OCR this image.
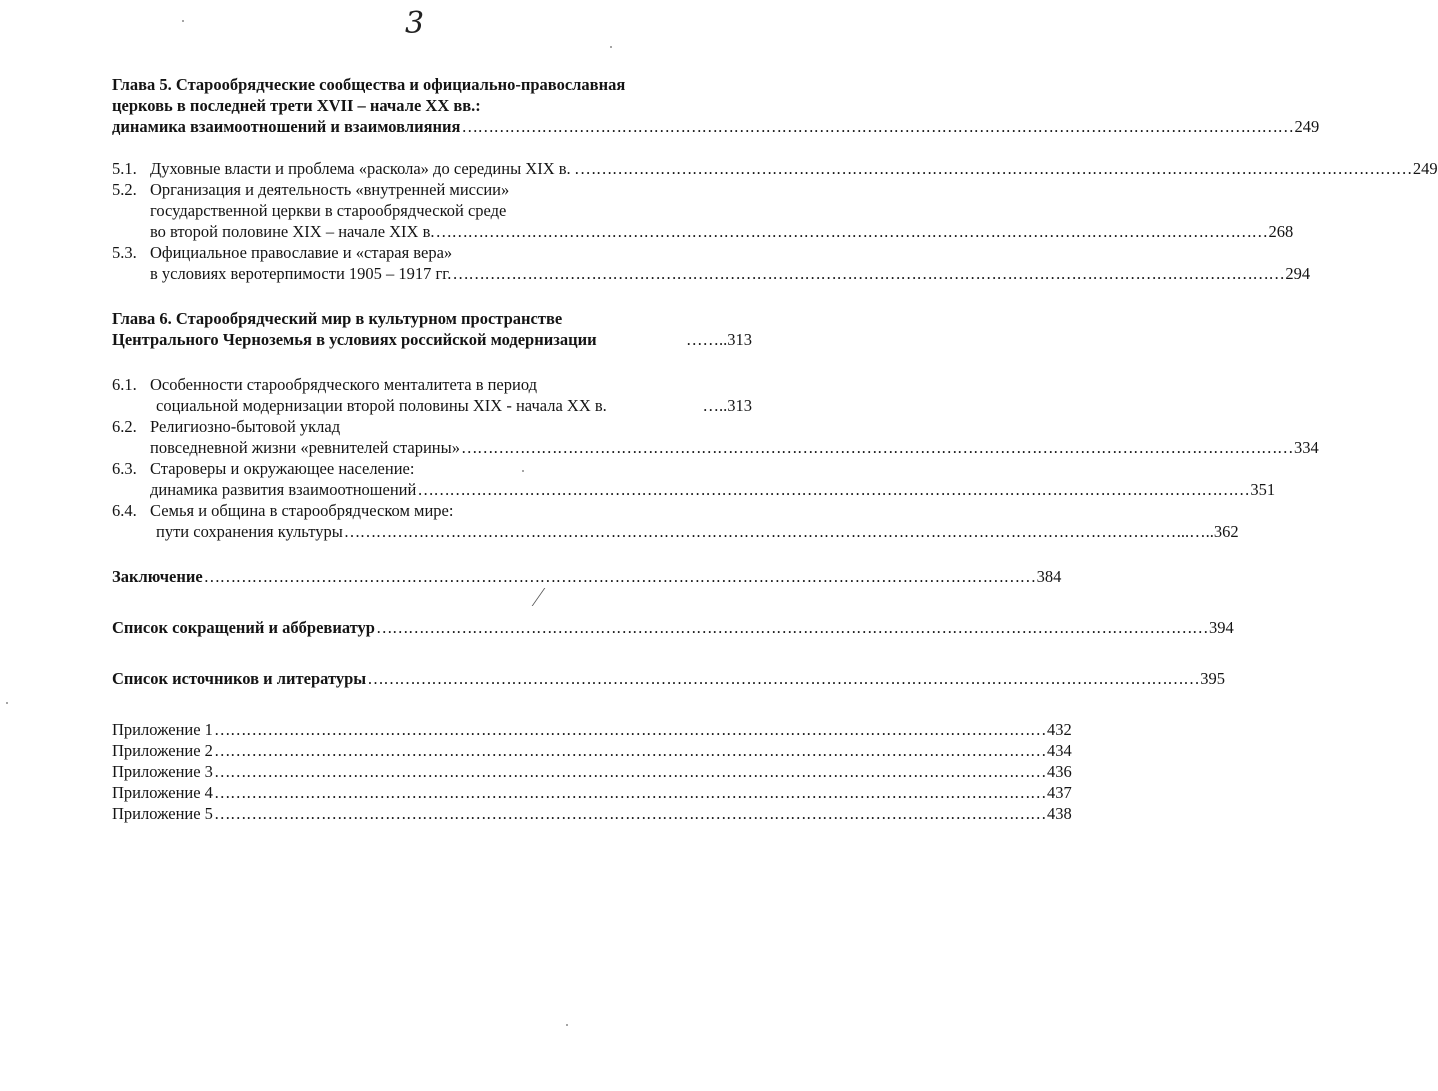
3
Глава 5. Старообрядческие сообщества и официально-православная
церковь в последней трети XVII – начале XX вв.:
динамика взаимоотношений и взаимовлияния …………………………………………………………………………………………………………………………………………	249
5.1. Духовные власти и проблема «раскола» до середины XIX в. . …………………………………………………………………………………………………………………………………………	249
5.2. Организация и деятельность «внутренней миссии»
государственной церкви в старообрядческой среде
во второй половине XIX – начале XIX в. …………………………………………………………………………………………………………………………………………	268
5.3. Официальное православие и «старая вера»
в условиях веротерпимости 1905 – 1917 гг. …………………………………………………………………………………………………………………………………………	294
Глава 6. Старообрядческий мир в культурном пространстве
Центрального Черноземья в условиях российской модернизации	……..313
6.1. Особенности старообрядческого менталитета в период
социальной модернизации второй половины XIX - начала XX в.	…..313
6.2. Религиозно-бытовой уклад
повседневной жизни «ревнителей старины» …………………………………………………………………………………………………………………………………………	334
6.3. Староверы и окружающее население:
динамика развития взаимоотношений …………………………………………………………………………………………………………………………………………	351
6.4. Семья и община в старообрядческом мире:
пути сохранения культуры …………………………………………………………………………………………………………………………………………	...…..362
Заключение …………………………………………………………………………………………………………………………………………	384
Список сокращений и аббревиатур …………………………………………………………………………………………………………………………………………	394
Список источников и литературы …………………………………………………………………………………………………………………………………………	395
Приложение 1 …………………………………………………………………………………………………………………………………………	432
Приложение 2 …………………………………………………………………………………………………………………………………………	434
Приложение 3 …………………………………………………………………………………………………………………………………………	436
Приложение 4 …………………………………………………………………………………………………………………………………………	437
Приложение 5 …………………………………………………………………………………………………………………………………………	438
